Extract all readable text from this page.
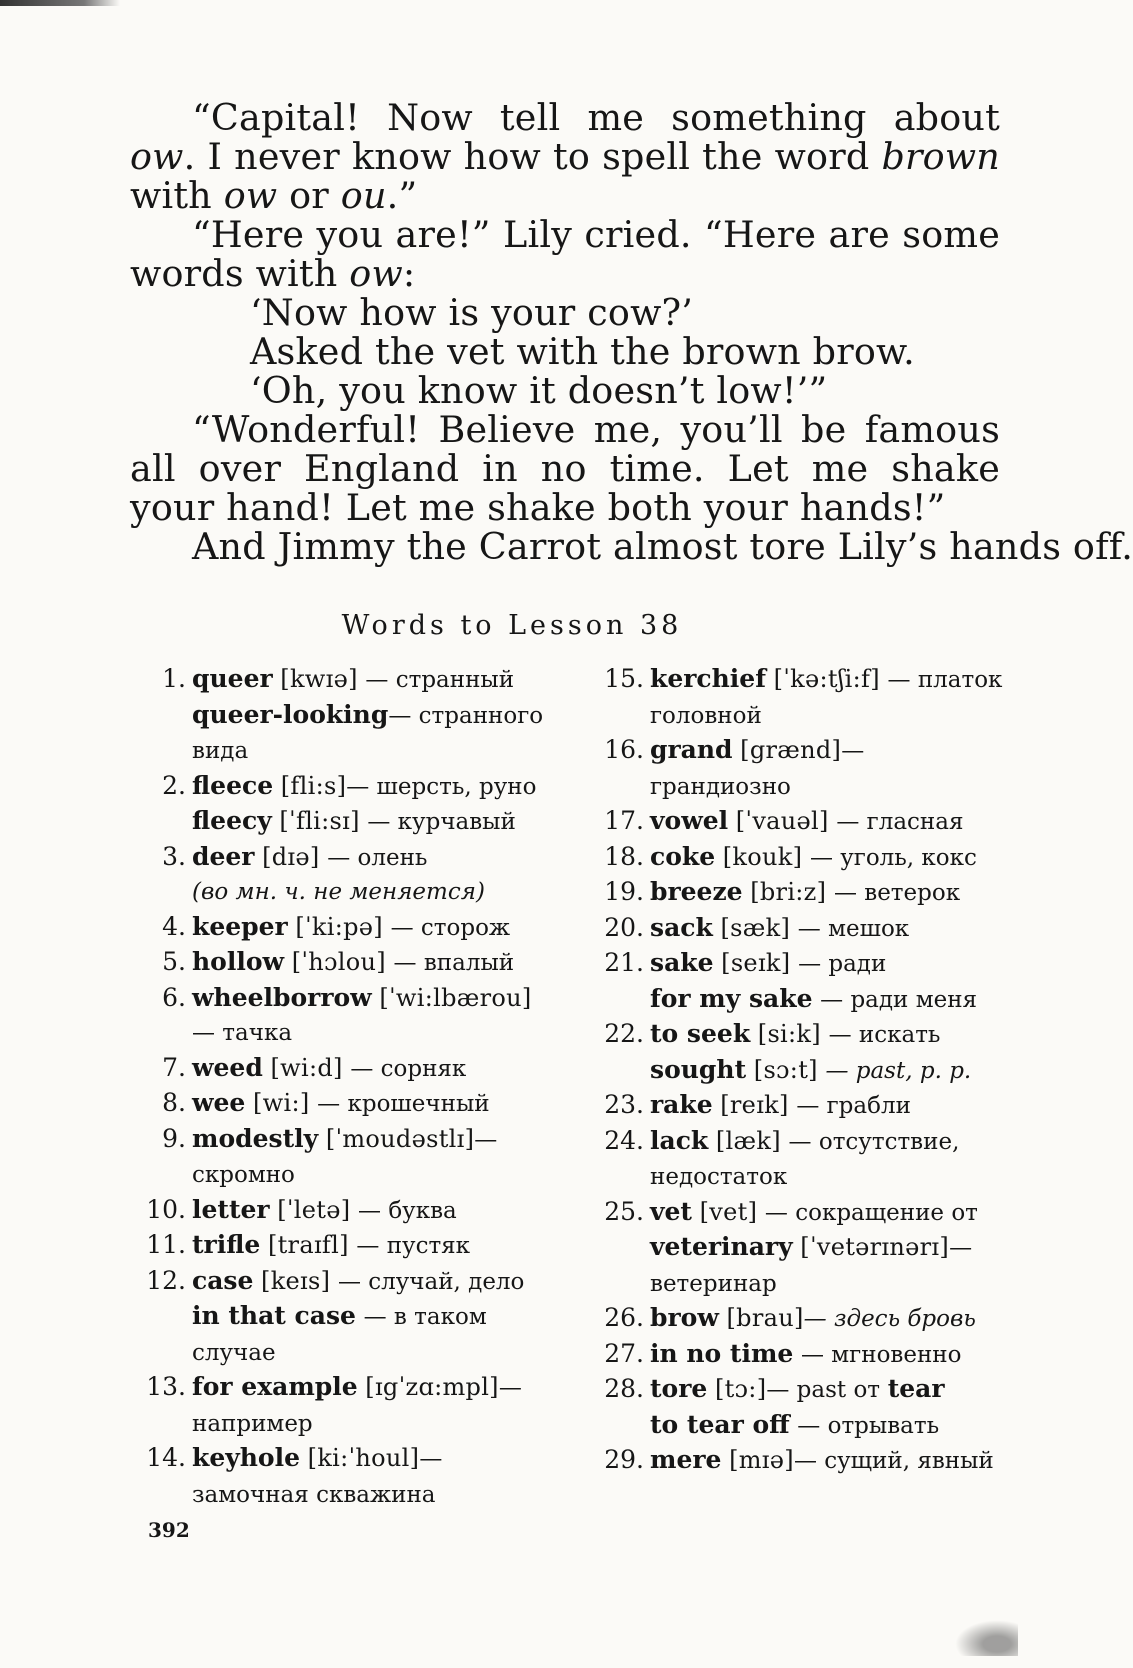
“Capital! Now tell me something about ow. I never know how to spell the word brown with ow or ou.”

“Here you are!” Lily cried. “Here are some words with ow:

‘Now how is your cow?’

Asked the vet with the brown brow.

‘Oh, you know it doesn’t low!’”

“Wonderful! Believe me, you’ll be famous all over England in no time. Let me shake your hand! Let me shake both your hands!”

And Jimmy the Carrot almost tore Lily’s hands off.

Words to Lesson 38
1. queer [kwɪə] — странный
queer-looking— странного вида
2. fleece [fli:s]— шерсть, руно
fleecy [ˈfli:sɪ] — курчавый
3. deer [dɪə] — олень
(во мн. ч. не меняется)
4. keeper [ˈki:pə] — сторож
5. hollow [ˈhɔlou] — впалый
6. wheelborrow [ˈwi:lbærou]— тачка
7. weed [wi:d] — сорняк
8. wee [wi:] — крошечный
9. modestly [ˈmoudəstlɪ]— скромно
10. letter [ˈletə] — буква
11. trifle [traɪfl] — пустяк
12. case [keɪs] — случай, дело
in that case — в таком случае
13. for example [ɪgˈzɑ:mpl]— например
14. keyhole [ki:ˈhoul]— замочная скважина
15. kerchief [ˈkə:tʃi:f] — платок головной
16. grand [grænd]— грандиозно
17. vowel [ˈvauəl] — гласная
18. coke [kouk] — уголь, кокс
19. breeze [bri:z] — ветерок
20. sack [sæk] — мешок
21. sake [seɪk] — ради
for my sake — ради меня
22. to seek [si:k] — искать
sought [sɔ:t] — past, p. p.
23. rake [reɪk] — грабли
24. lack [læk] — отсутствие, недостаток
25. vet [vet] — сокращение от
veterinary [ˈvetərɪnərɪ]— ветеринар
26. brow [brau]— здесь бровь
27. in no time — мгновенно
28. tore [tɔ:]— past от tear
to tear off — отрывать
29. mere [mɪə]— сущий, явный
392
